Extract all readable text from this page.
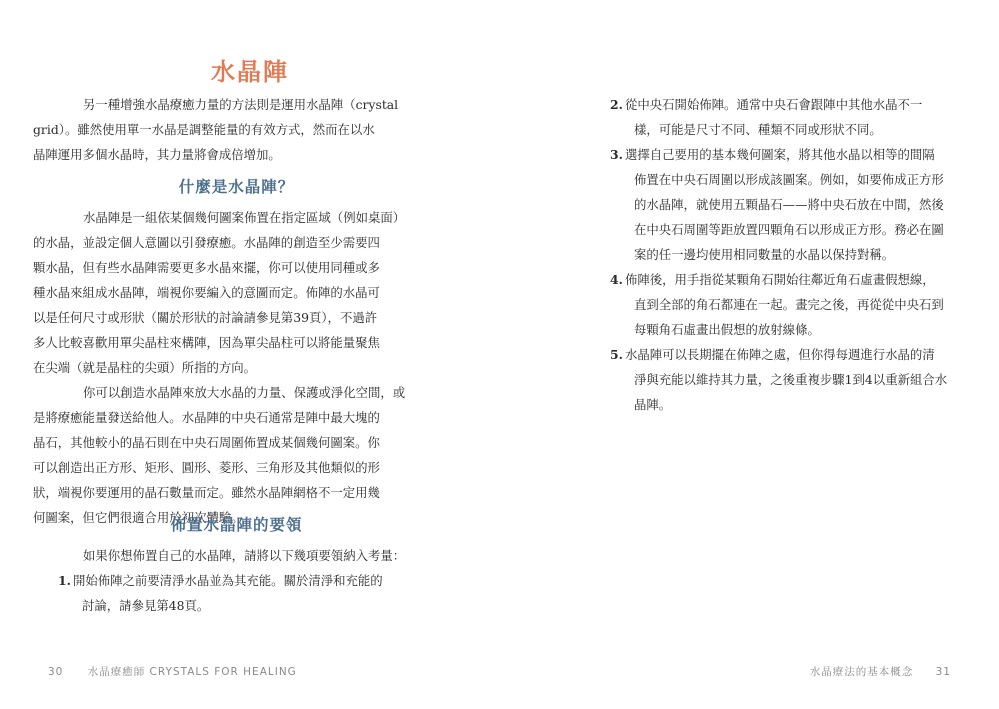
水晶陣

另一種增強水晶療癒力量的方法則是運用水晶陣（crystal
grid）。雖然使用單一水晶是調整能量的有效方式，然而在以水
晶陣運用多個水晶時，其力量將會成倍增加。

什麼是水晶陣？

水晶陣是一組依某個幾何圖案佈置在指定區域（例如桌面）
的水晶，並設定個人意圖以引發療癒。水晶陣的創造至少需要四
顆水晶，但有些水晶陣需要更多水晶來擺，你可以使用同種或多
種水晶來組成水晶陣，端視你要編入的意圖而定。佈陣的水晶可
以是任何尺寸或形狀（關於形狀的討論請參見第39頁），不過許
多人比較喜歡用單尖晶柱來構陣，因為單尖晶柱可以將能量聚焦
在尖端（就是晶柱的尖頭）所指的方向。

你可以創造水晶陣來放大水晶的力量、保護或淨化空間，或
是將療癒能量發送給他人。水晶陣的中央石通常是陣中最大塊的
晶石，其他較小的晶石則在中央石周圍佈置成某個幾何圖案。你
可以創造出正方形、矩形、圓形、菱形、三角形及其他類似的形
狀，端視你要運用的晶石數量而定。雖然水晶陣網格不一定用幾
何圖案，但它們很適合用於初次體驗。

佈置水晶陣的要領

如果你想佈置自己的水晶陣，請將以下幾項要領納入考量：

1. 開始佈陣之前要清淨水晶並為其充能。關於清淨和充能的
討論，請參見第48頁。
30 水晶療癒師 CRYSTALS FOR HEALING
2. 從中央石開始佈陣。通常中央石會跟陣中其他水晶不一
樣，可能是尺寸不同、種類不同或形狀不同。
3. 選擇自己要用的基本幾何圖案，將其他水晶以相等的間隔
佈置在中央石周圍以形成該圖案。例如，如要佈成正方形
的水晶陣，就使用五顆晶石——將中央石放在中間，然後
在中央石周圍等距放置四顆角石以形成正方形。務必在圖
案的任一邊均使用相同數量的水晶以保持對稱。
4. 佈陣後，用手指從某顆角石開始往鄰近角石虛畫假想線，
直到全部的角石都連在一起。畫完之後，再從從中央石到
每顆角石虛畫出假想的放射線條。
5. 水晶陣可以長期擺在佈陣之處，但你得每週進行水晶的清
淨與充能以維持其力量，之後重複步驟1到4以重新組合水
晶陣。
水晶療法的基本概念 31
